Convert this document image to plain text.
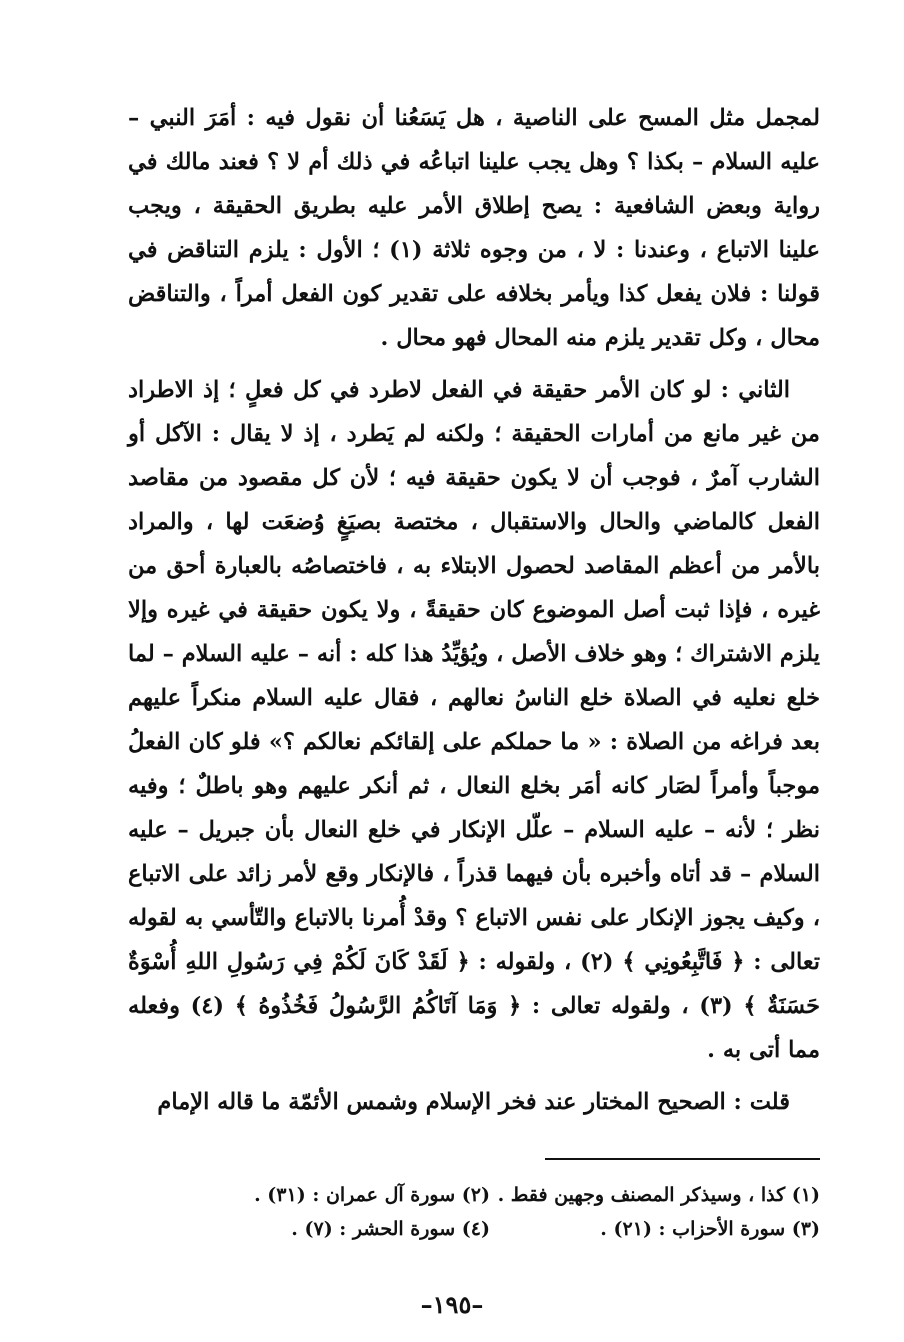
لمجمل مثل المسح على الناصية ، هل يَسَعُنا أن نقول فيه : أمَرَ النبي – عليه السلام – بكذا ؟ وهل يجب علينا اتباعُه في ذلك أم لا ؟ فعند مالك في رواية وبعض الشافعية : يصح إطلاق الأمر عليه بطريق الحقيقة ، ويجب علينا الاتباع ، وعندنا : لا ، من وجوه ثلاثة (١) ؛ الأول : يلزم التناقض في قولنا : فلان يفعل كذا ويأمر بخلافه على تقدير كون الفعل أمراً ، والتناقض محال ، وكل تقدير يلزم منه المحال فهو محال .

الثاني : لو كان الأمر حقيقة في الفعل لاطرد في كل فعلٍ ؛ إذ الاطراد من غير مانع من أمارات الحقيقة ؛ ولكنه لم يَطرد ، إذ لا يقال : الآكل أو الشارب آمرٌ ، فوجب أن لا يكون حقيقة فيه ؛ لأن كل مقصود من مقاصد الفعل كالماضي والحال والاستقبال ، مختصة بصيَغٍ وُضعَت لها ، والمراد بالأمر من أعظم المقاصد لحصول الابتلاء به ، فاختصاصُه بالعبارة أحق من غيره ، فإذا ثبت أصل الموضوع كان حقيقةً ، ولا يكون حقيقة في غيره وإلا يلزم الاشتراك ؛ وهو خلاف الأصل ، ويُؤيِّدُ هذا كله : أنه – عليه السلام – لما خلع نعليه في الصلاة خلع الناسُ نعالهم ، فقال عليه السلام منكراً عليهم بعد فراغه من الصلاة : « ما حملكم على إلقائكم نعالكم ؟» فلو كان الفعلُ موجباً وأمراً لصَار كانه أمَر بخلع النعال ، ثم أنكر عليهم وهو باطلٌ ؛ وفيه نظر ؛ لأنه – عليه السلام – علّل الإنكار في خلع النعال بأن جبريل – عليه السلام – قد أتاه وأخبره بأن فيهما قذراً ، فالإنكار وقع لأمر زائد على الاتباع ، وكيف يجوز الإنكار على نفس الاتباع ؟ وقدْ أُمرنا بالاتباع والتّأسي به لقوله تعالى : ﴿ فَاتَّبِعُونِي ﴾ (٢) ، ولقوله : ﴿ لَقَدْ كَانَ لَكُمْ فِي رَسُولِ اللهِ أُسْوَةٌ حَسَنَةٌ ﴾ (٣) ، ولقوله تعالى : ﴿ وَمَا آتَاكُمُ الرَّسُولُ فَخُذُوهُ ﴾ (٤) وفعله مما أتى به .

قلت : الصحيح المختار عند فخر الإسلام وشمس الأئمّة ما قاله الإمام

(١) كذا ، وسيذكر المصنف وجهين فقط .
(٢) سورة آل عمران : (٣١) .
(٣) سورة الأحزاب : (٢١) .
(٤) سورة الحشر : (٧) .
–١٩٥–
